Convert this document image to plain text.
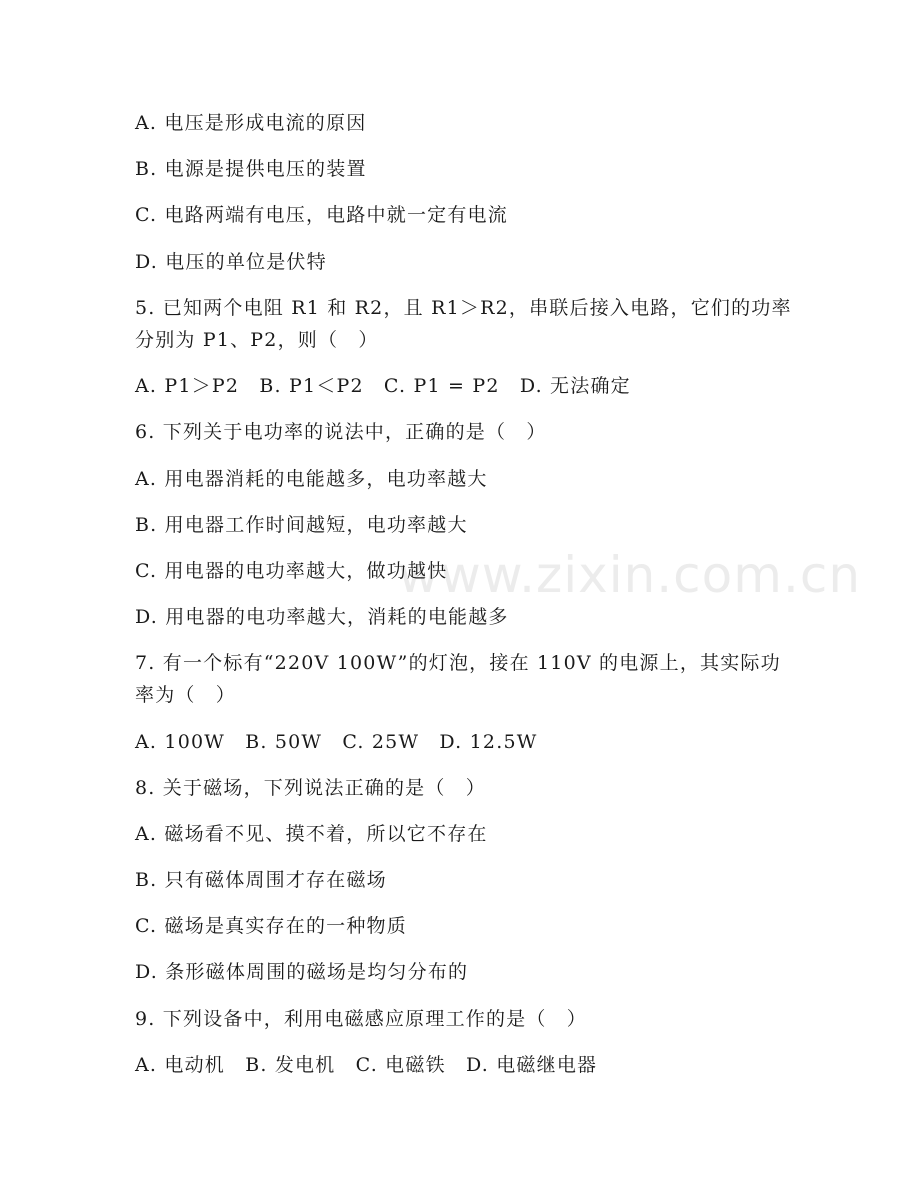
www.zixin.com.cn
A. 电压是形成电流的原因
B. 电源是提供电压的装置
C. 电路两端有电压，电路中就一定有电流
D. 电压的单位是伏特
5. 已知两个电阻 R1 和 R2，且 R1＞R2，串联后接入电路，它们的功率
分别为 P1、P2，则（　）
A. P1＞P2　B. P1＜P2　C. P1 = P2　D. 无法确定
6. 下列关于电功率的说法中，正确的是（　）
A. 用电器消耗的电能越多，电功率越大
B. 用电器工作时间越短，电功率越大
C. 用电器的电功率越大，做功越快
D. 用电器的电功率越大，消耗的电能越多
7. 有一个标有“220V 100W”的灯泡，接在 110V 的电源上，其实际功
率为（　）
A. 100W　B. 50W　C. 25W　D. 12.5W
8. 关于磁场，下列说法正确的是（　）
A. 磁场看不见、摸不着，所以它不存在
B. 只有磁体周围才存在磁场
C. 磁场是真实存在的一种物质
D. 条形磁体周围的磁场是均匀分布的
9. 下列设备中，利用电磁感应原理工作的是（　）
A. 电动机　B. 发电机　C. 电磁铁　D. 电磁继电器
